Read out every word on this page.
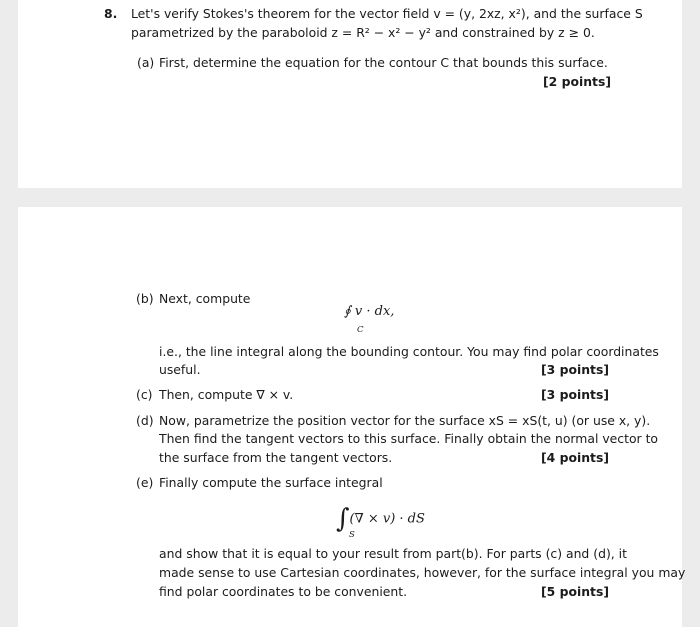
8. Let's verify Stokes's theorem for the vector field v = (y, 2xz, x²), and the surface S
parametrized by the paraboloid z = R² − x² − y² and constrained by z ≥ 0.
(a) First, determine the equation for the contour C that bounds this surface.
[2 points]
(b) Next, compute
∮ v · dx,
C
i.e., the line integral along the bounding contour. You may find polar coordinates
useful.	[3 points]
(c) Then, compute ∇ × v.	[3 points]
(d) Now, parametrize the position vector for the surface xS = xS(t, u) (or use x, y).
Then find the tangent vectors to this surface. Finally obtain the normal vector to
the surface from the tangent vectors.	[4 points]
(e) Finally compute the surface integral
∫(∇ × v) · dS
S
and show that it is equal to your result from part(b). For parts (c) and (d), it
made sense to use Cartesian coordinates, however, for the surface integral you may
find polar coordinates to be convenient.	[5 points]
